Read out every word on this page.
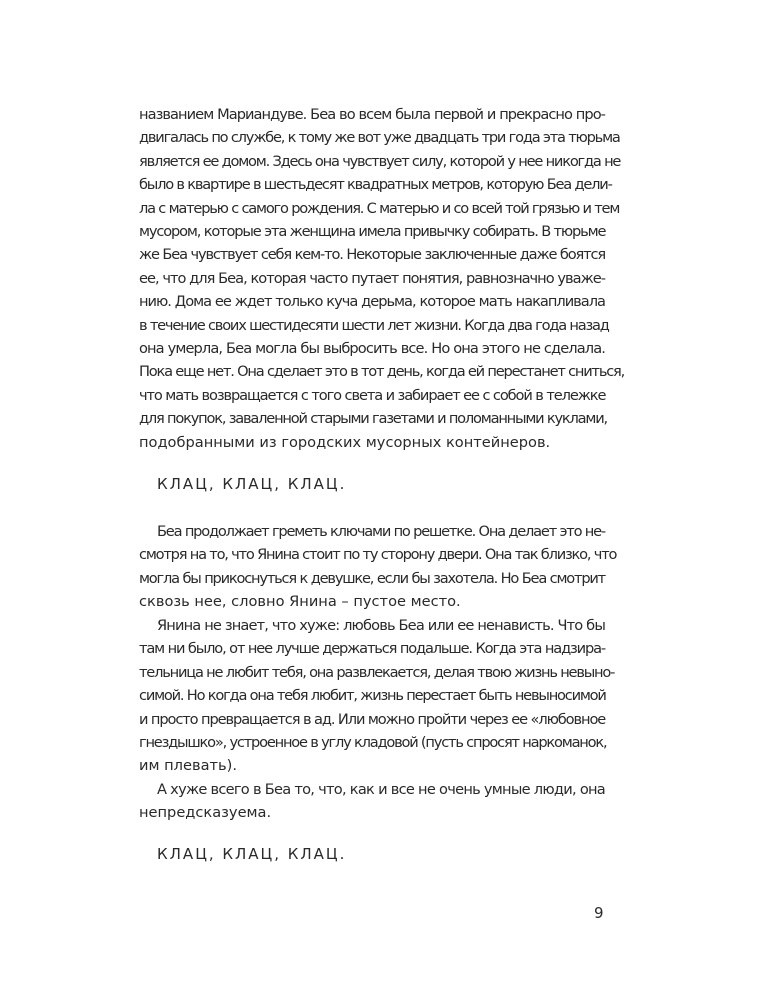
названием Мариандуве. Беа во всем была первой и прекрасно про-
двигалась по службе, к тому же вот уже двадцать три года эта тюрьма
является ее домом. Здесь она чувствует силу, которой у нее никогда не
было в квартире в шестьдесят квадратных метров, которую Беа дели-
ла с матерью с самого рождения. С матерью и со всей той грязью и тем
мусором, которые эта женщина имела привычку собирать. В тюрьме
же Беа чувствует себя кем-то. Некоторые заключенные даже боятся
ее, что для Беа, которая часто путает понятия, равнозначно уваже-
нию. Дома ее ждет только куча дерьма, которое мать накапливала
в течение своих шестидесяти шести лет жизни. Когда два года назад
она умерла, Беа могла бы выбросить все. Но она этого не сделала.
Пока еще нет. Она сделает это в тот день, когда ей перестанет сниться,
что мать возвращается с того света и забирает ее с собой в тележке
для покупок, заваленной старыми газетами и поломанными куклами,
подобранными из городских мусорных контейнеров.
КЛАЦ, КЛАЦ, КЛАЦ.
Беа продолжает греметь ключами по решетке. Она делает это не-
смотря на то, что Янина стоит по ту сторону двери. Она так близко, что
могла бы прикоснуться к девушке, если бы захотела. Но Беа смотрит
сквозь нее, словно Янина – пустое место.
Янина не знает, что хуже: любовь Беа или ее ненависть. Что бы
там ни было, от нее лучше держаться подальше. Когда эта надзира-
тельница не любит тебя, она развлекается, делая твою жизнь невыно-
симой. Но когда она тебя любит, жизнь перестает быть невыносимой
и просто превращается в ад. Или можно пройти через ее «любовное
гнездышко», устроенное в углу кладовой (пусть спросят наркоманок,
им плевать).
А хуже всего в Беа то, что, как и все не очень умные люди, она
непредсказуема.
КЛАЦ, КЛАЦ, КЛАЦ.
9
